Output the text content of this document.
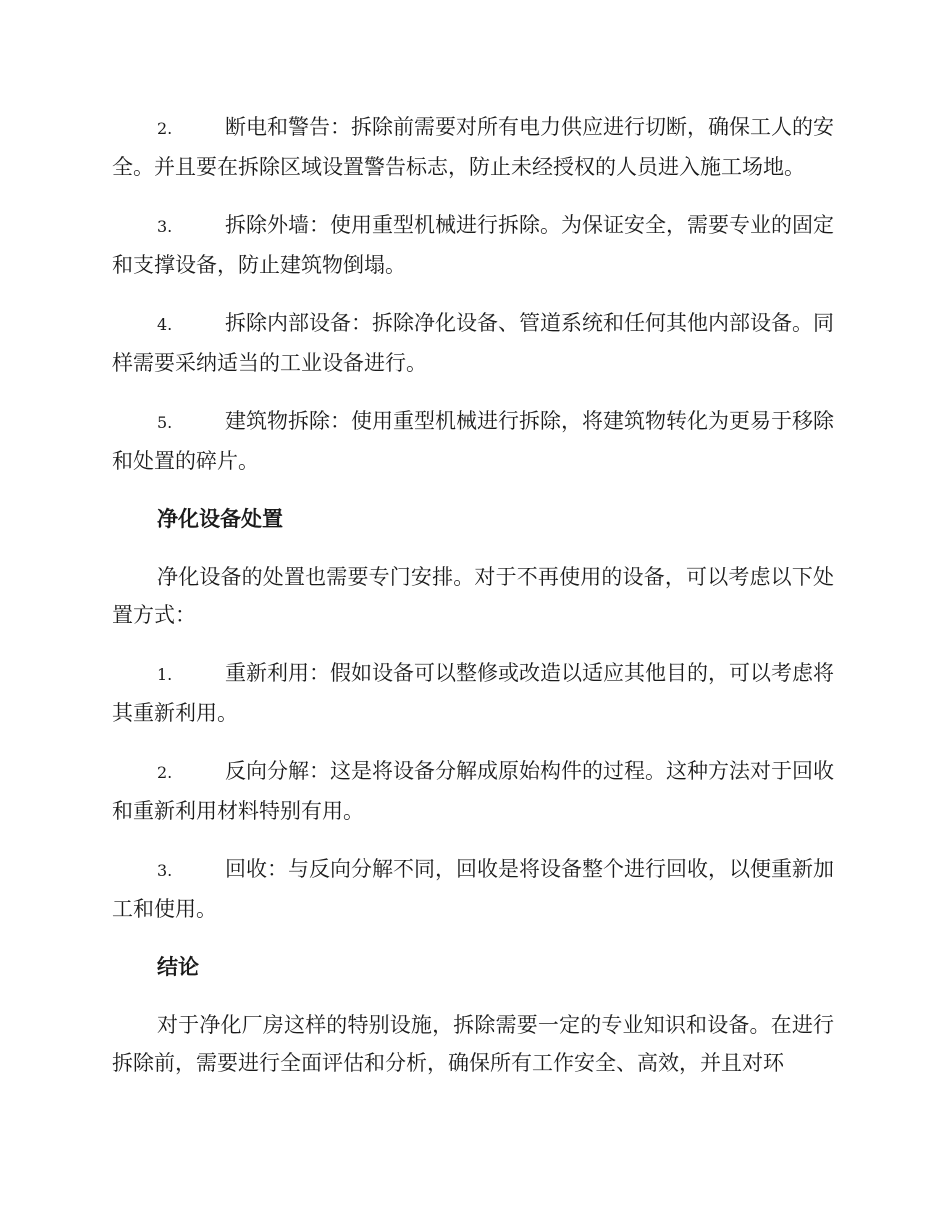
2.	断电和警告：拆除前需要对所有电力供应进行切断，确保工人的安全。并且要在拆除区域设置警告标志，防止未经授权的人员进入施工场地。

3.	拆除外墙：使用重型机械进行拆除。为保证安全，需要专业的固定和支撑设备，防止建筑物倒塌。

4.	拆除内部设备：拆除净化设备、管道系统和任何其他内部设备。同样需要采纳适当的工业设备进行。

5.	建筑物拆除：使用重型机械进行拆除，将建筑物转化为更易于移除和处置的碎片。

净化设备处置

净化设备的处置也需要专门安排。对于不再使用的设备，可以考虑以下处置方式：

1.	重新利用：假如设备可以整修或改造以适应其他目的，可以考虑将其重新利用。

2.	反向分解：这是将设备分解成原始构件的过程。这种方法对于回收和重新利用材料特别有用。

3.	回收：与反向分解不同，回收是将设备整个进行回收，以便重新加工和使用。

结论

对于净化厂房这样的特别设施，拆除需要一定的专业知识和设备。在进行拆除前，需要进行全面评估和分析，确保所有工作安全、高效，并且对环
